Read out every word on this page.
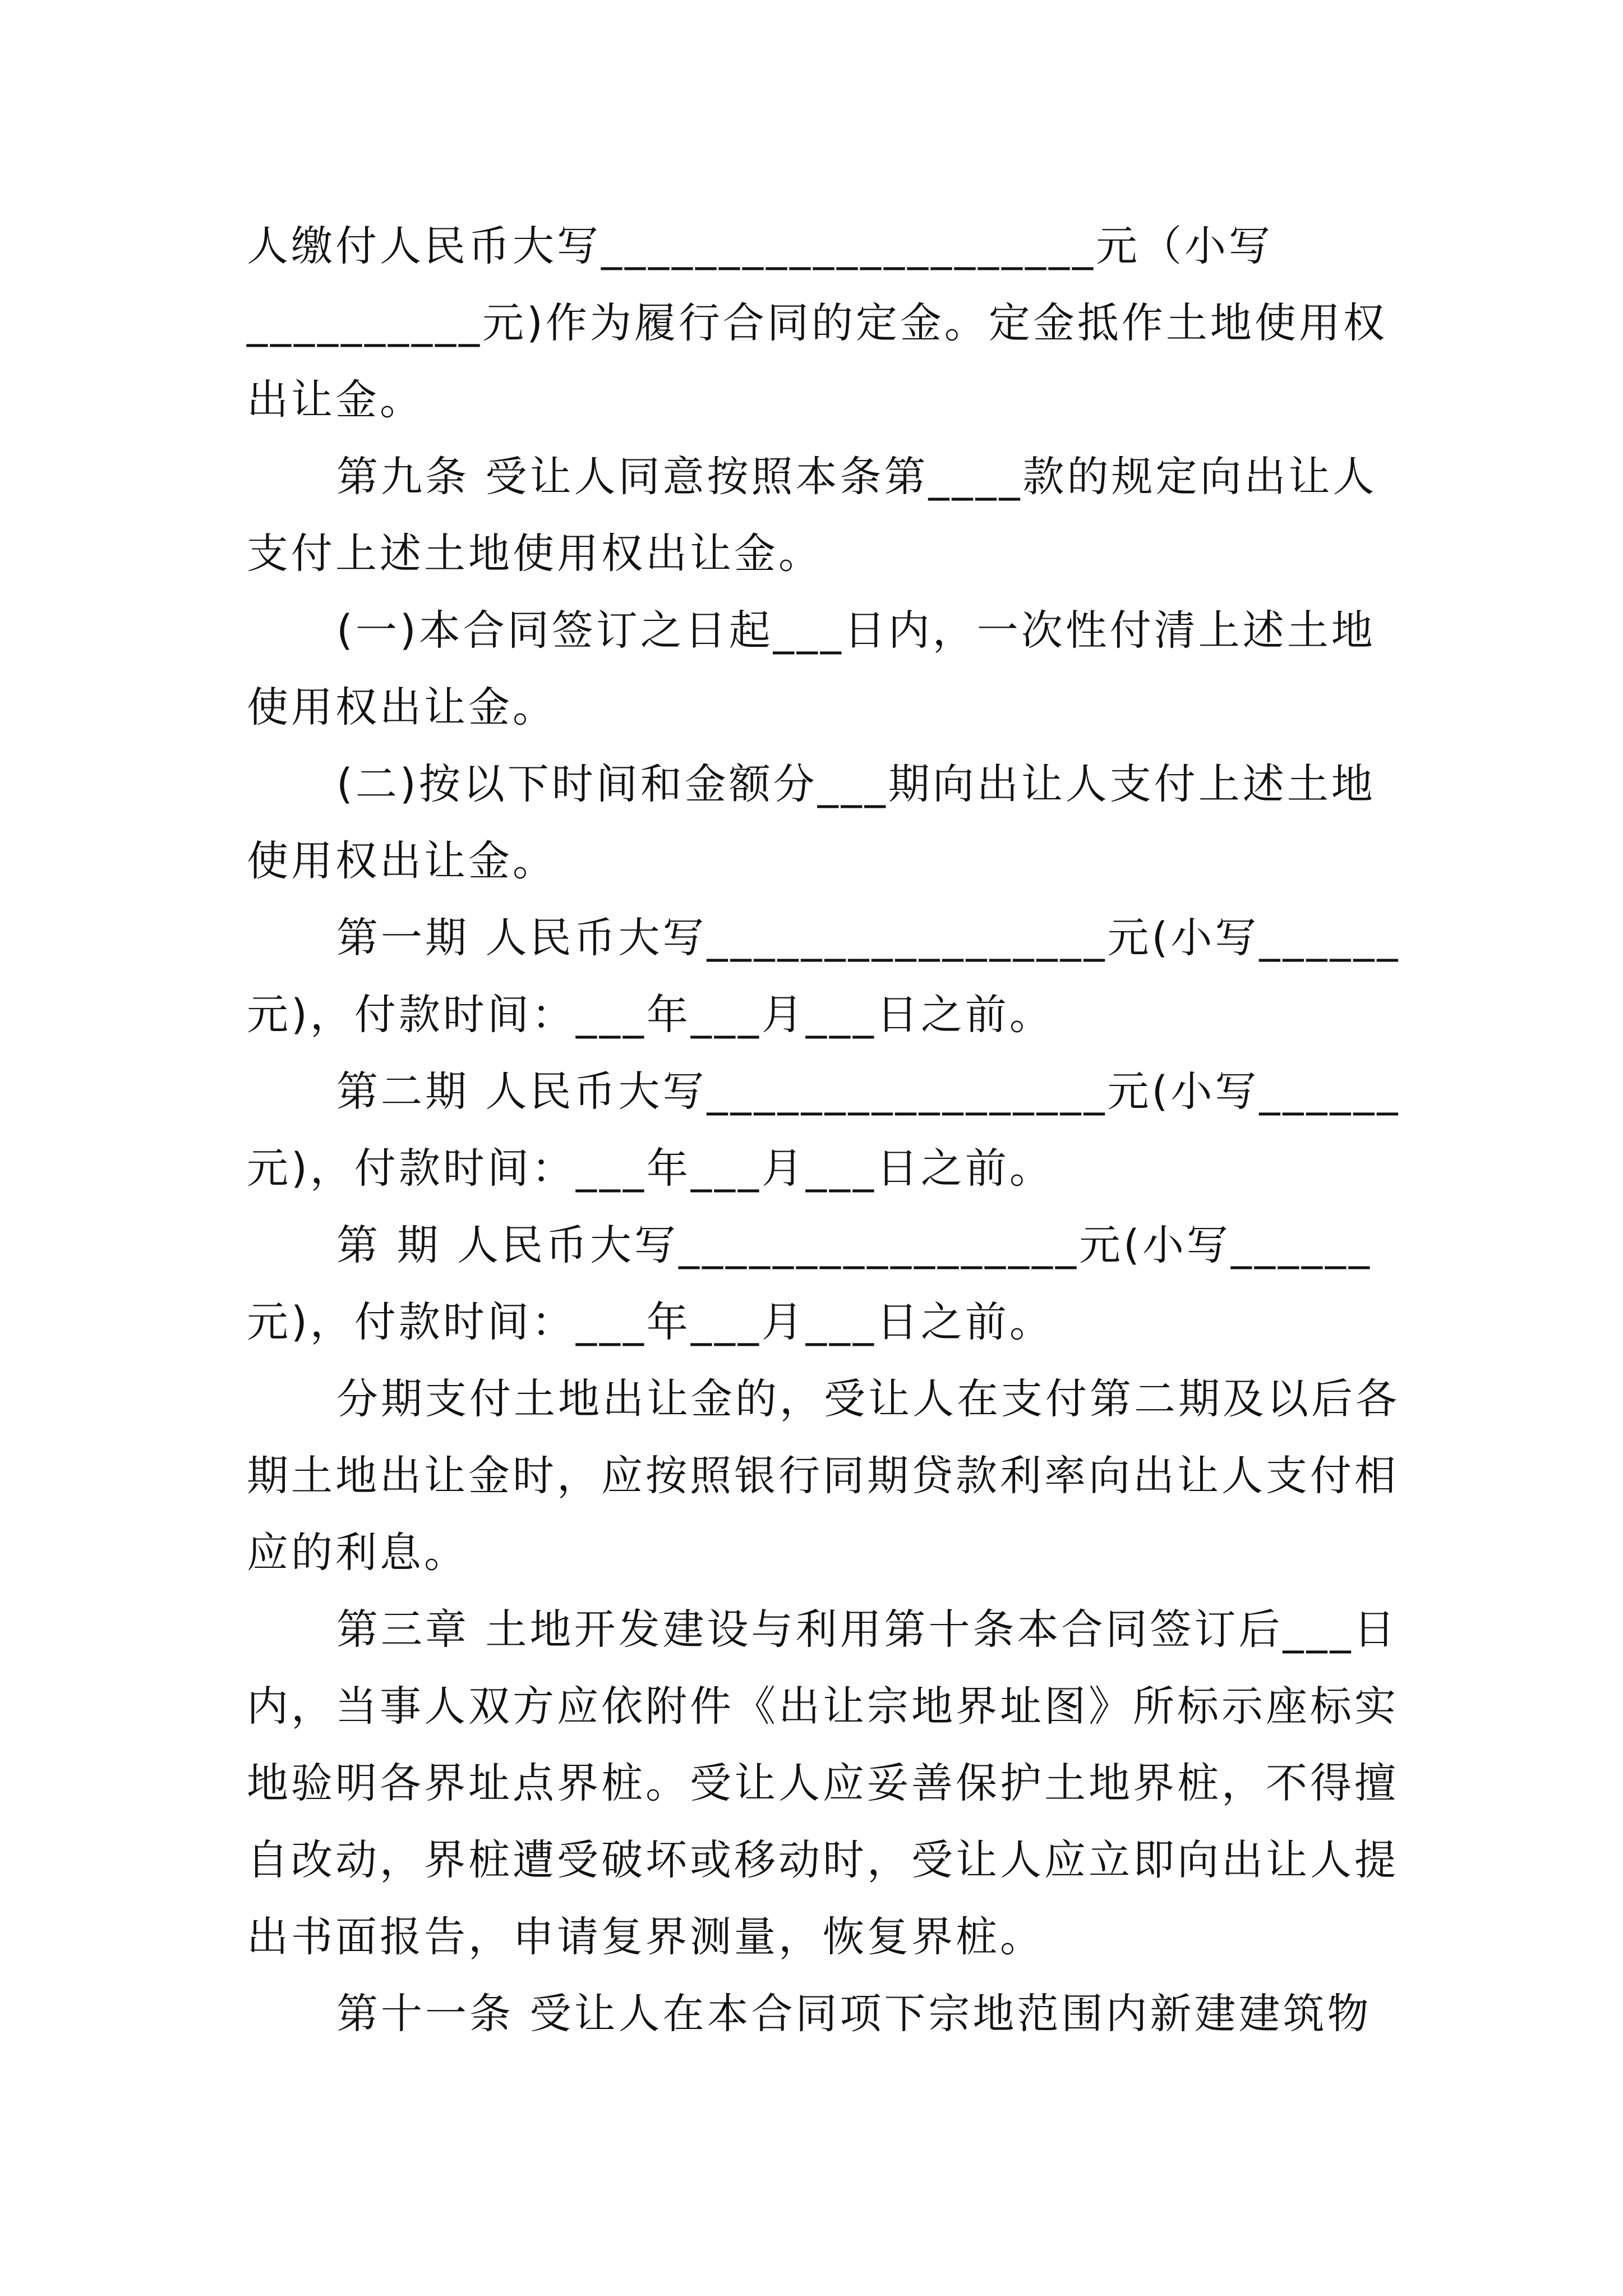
人缴付人民币大写_____________________元（小写
__________元)作为履行合同的定金。定金抵作土地使用权
出让金。
第九条 受让人同意按照本条第____款的规定向出让人
支付上述土地使用权出让金。
(一)本合同签订之日起___日内，一次性付清上述土地
使用权出让金。
(二)按以下时间和金额分___期向出让人支付上述土地
使用权出让金。
第一期 人民币大写_________________元(小写______
元)，付款时间：___年___月___日之前。
第二期 人民币大写_________________元(小写______
元)，付款时间：___年___月___日之前。
第 期 人民币大写_________________元(小写______
元)，付款时间：___年___月___日之前。
分期支付土地出让金的，受让人在支付第二期及以后各
期土地出让金时，应按照银行同期贷款利率向出让人支付相
应的利息。
第三章 土地开发建设与利用第十条本合同签订后___日
内，当事人双方应依附件《出让宗地界址图》所标示座标实
地验明各界址点界桩。受让人应妥善保护土地界桩，不得擅
自改动，界桩遭受破坏或移动时，受让人应立即向出让人提
出书面报告，申请复界测量，恢复界桩。
第十一条 受让人在本合同项下宗地范围内新建建筑物
